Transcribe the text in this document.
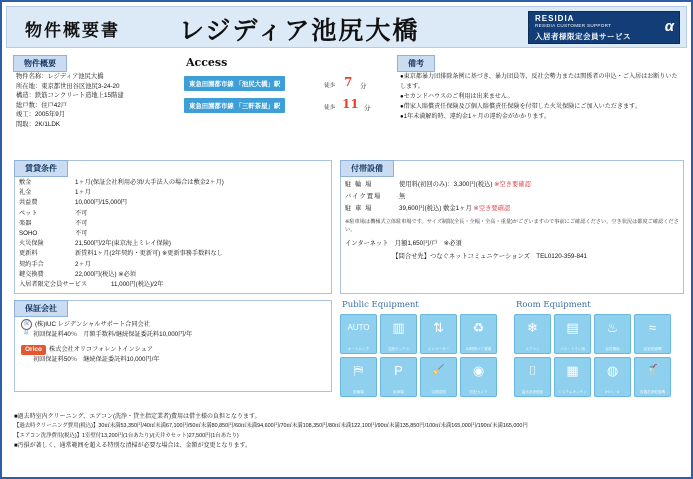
物件概要書 レジディア池尻大橋	RESIDIA
RESIDIA CUSTOMER SUPPORT
入居者様限定会員サービス
α
物件概要
物件名称：レジディア池尻大橋
所在地：東京都世田谷区池尻3-24-20
構造：鉄筋コンクリート造地上15階建
総戸数：住戸42戸
竣工：2005年9月
間取：2K/1LDK
Access
東急田園都市線 「池尻大橋」駅	徒歩 7 分
東急田園都市線 「三軒茶屋」駅	徒歩 11 分
備考
●東京都暴力団排除条例に基づき、暴力団員等、反社会勢力または関係者の申込・ご入居はお断りいたします。
●セカンドハウスのご利用は出来ません。
●借家人賠償責任保険及び個人賠償責任保険を付帯した火災保険にご加入いただきます。
●1年未満解約時、違約金1ヶ月の違約金がかかります。
賃貸条件
敷金	1ヶ月(保証会社利用必須/大手法人の場合は敷金2ヶ月)
礼金	1ヶ月
共益費	10,000円/15,000円
ペット	不可
楽器	不可
SOHO	不可
火災保険	21,500円/2年(東京海上ミレイ保険)
更新料	新賃料1ヶ月(2年契約・更新可) ※更新事務手数料なし
契約手合	2ヶ月
鍵交換費	22,000円(税込) ※必須
入居者限定会員サービス	11,000円(税込)/2年
付帯設備
駐 輪 場	使用料(初回のみ)：3,300円(税込) ※空き要確認
バイク置場	無
駐 車 場	39,600円(税込) 敷金1ヶ月 ※空き要確認
※駐車場は機械式立体駐車場です。サイズ制限(全長・全幅・全高・重量)がございますので事前にご確認ください。空き状況は都度ご確認ください。
インターネット　月額1,650円/戸　※必須
　　　　　　　　【問合せ先】つなぐネットコミュニケーションズ　TEL0120-359-841
保証会社
保証(株)IUC レジデンシャルサポート合同会社
初回保証料40％　月額手数料/継続保証委託料10,000円/年
Orico 株式会社オリコフォレントインシュア
初回保証料50％　継続保証委託料10,000円/年
Public Equipment
AUTO
オートロック
▥
宅配ボックス
⇅
エレベーター
♻
24時間ゴミ置場
⛿
駐輪場
P
駐車場
🧹
定期清掃
◉
防犯カメラ
Room Equipment
❄
エアコン
▤
バス・トイレ別
♨
追焚機能
≈
浴室乾燥機
⌷
温水洗浄便座
▦
システムキッチン
◍
IHコンロ
🥤
食器洗浄乾燥機
■過去時室内クリーニング、エアコン(洗浄・貸主指定業者)費用は借主様の負担となります。
【過去時クリーニング費用(税込)】30㎡未満53,350円/40㎡未満67,100円/50㎡未満80,850円/60㎡未満94,600円/70㎡未満108,350円/80㎡未満122,100円/90㎡未満135,850円/100㎡未満165,000円/190㎡未満165,000円
【エアコン洗浄費用(税込)】1室壁付13,200円(1台あたり)/(天井カセット)27,500円(1台あたり)
■汚損が著しく、通常範囲を超える特別な清掃が必要な場合は、金額が変更となります。
